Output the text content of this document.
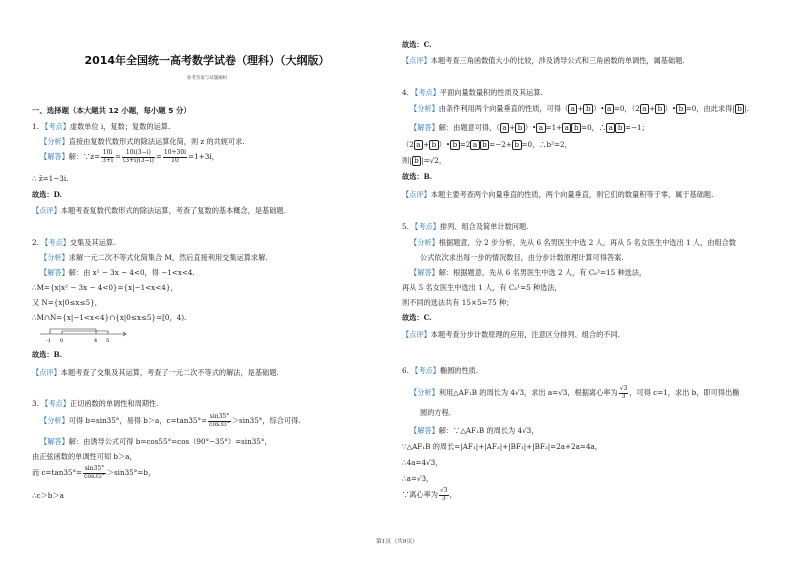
2014年全国统一高考数学试卷（理科）（大纲版）
参考答案与试题解析
一、选择题（本大题共 12 小题，每小题 5 分）
1. 【考点】虚数单位 i，复数；复数的运算.
【分析】直接由复数代数形式的除法运算化简，则 z 的共轭可求.
【解答】解：∵z= $\frac{10i}{3+i} = \frac{10i(3-i)}{(3+i)(3-i)} = \frac{10+30i}{10} =1+3i$，
∴ z̄=1−3i.
故选：D.
【点评】本题考查复数代数形式的除法运算，考查了复数的基本概念，是基础题.
2. 【考点】交集及其运算.
【分析】求解一元二次不等式化简集合 M，然后直接利用交集运算求解.
【解答】解：由 x² − 3x − 4<0，得 −1<x<4.
∴M={x|x² − 3x − 4<0}={x|−1<x<4}，
又 N={x|0≤x≤5}，
∴M∩N={x|−1<x<4}∩{x|0≤x≤5}=[0，4).
-1 0	4 5
故选：B.
【点评】本题考查了交集及其运算，考查了一元二次不等式的解法，是基础题.
3. 【考点】正切函数的单调性和周期性.
【分析】可得 b=sin35°，易得 b＞a，$c=\tan 35^\circ= \frac{\sin 35^\circ}{\cos 35^\circ} >\sin 35^\circ$，综合可得.
【解答】解：由诱导公式可得 b=cos55°=cos（90°−35°）=sin35°，
由正弦函数的单调性可知 b＞a，
而 $c=\tan 35^\circ= \frac{\sin 35^\circ}{\cos 35^\circ} >\sin 35^\circ=b$，
∴c＞b＞a
故选：C.
【点评】本题考查三角函数值大小的比较，涉及诱导公式和三角函数的单调性，属基础题.
4. 【考点】平面向量数量积的性质及其运算.
【分析】由条件利用两个向量垂直的性质，可得（ a + b ）• a =0，（2 a + b ）• b =0，由此求得| b |.
【解答】解：由题意可得，（ a + b ）• a =1+ a b =0，∴ a b =−1；
（2 a + b ）• b =2 a b =−2+ b =0，∴b²=2，
则| b |=√2，
故选：B.
【点评】本题主要考查两个向量垂直的性质，两个向量垂直，则它们的数量积等于零，属于基础题.
5. 【考点】排列、组合及简单计数问题.
【分析】根据题意，分 2 步分析，先从 6 名男医生中选 2 人，再从 5 名女医生中选出 1 人，由组合数
公式依次求出每一步的情况数目，由分步计数原理计算可得答案.
【解答】解：根据题意，先从 6 名男医生中选 2 人，有 C₆²=15 种选法，
再从 5 名女医生中选出 1 人，有 C₅¹=5 种选法，
则不同的选法共有 15×5=75 种；
故选：C.
【点评】本题考查分步计数原理的应用，注意区分排列、组合的不同.
6. 【考点】椭圆的性质.
【分析】利用△AF₁B 的周长为 4√3，求出 a=√3，根据离心率为 $\frac{√3}{3}$ ，可得 c=1，求出 b，即可得出椭
圆的方程.
【解答】解：∵△AF₁B 的周长为 4√3，
∵△AF₁B 的周长=|AF₁|+|AF₂|+|BF₁|+|BF₂|=2a+2a=4a，
∴4a=4√3，
∴a=√3，
∵离心率为 $\frac{√3}{3}$ ，
第1页（共9页）
